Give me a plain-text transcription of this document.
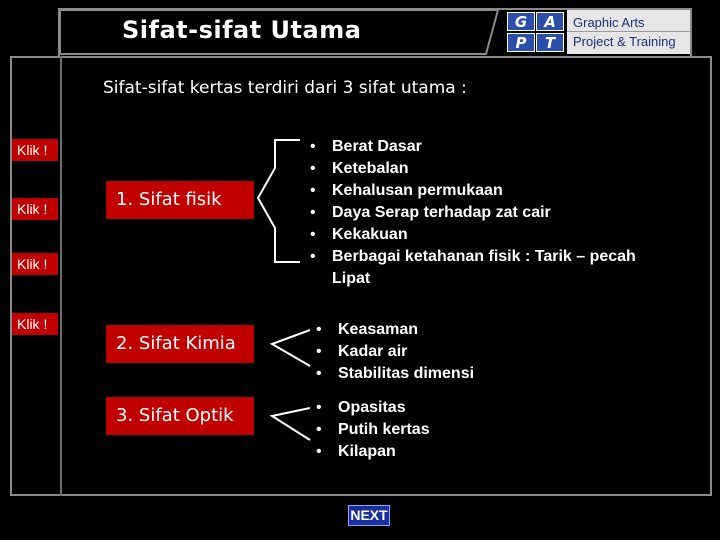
Sifat-sifat Utama	G	A
P	T
Graphic Arts
Project & Training
Sifat-sifat kertas terdiri dari 3 sifat utama :
Klik !
Klik !
Klik !
Klik !
1. Sifat fisik
2. Sifat Kimia
3. Sifat Optik
• Berat Dasar
• Ketebalan
• Kehalusan permukaan
• Daya Serap terhadap zat cair
• Kekakuan
• Berbagai ketahanan fisik : Tarik – pecah
Lipat
• Keasaman
• Kadar air
• Stabilitas dimensi
• Opasitas
• Putih kertas
• Kilapan
NEXT
